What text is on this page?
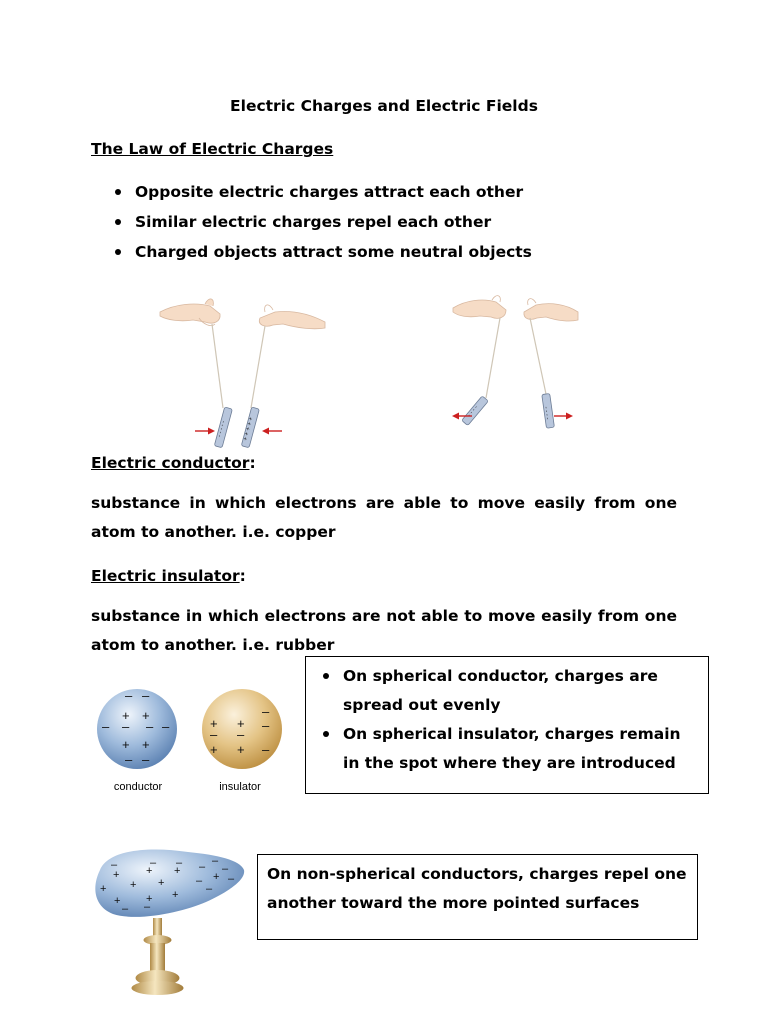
Electric Charges and Electric Fields

The Law of Electric Charges

Opposite electric charges attract each other
Similar electric charges repel each other
Charged objects attract some neutral objects
- - - - -	+ + + + +
- - - -	- - - -

Electric conductor:

substance in which electrons are able to move easily from one atom to another. i.e. copper

Electric insulator:

substance in which electrons are not able to move easily from one atom to another. i.e. rubber

– –
+ +
– – – –
+ +
– –
–
+ + –
– –
+ + –
conductor	insulator
On spherical conductor, charges are spread out evenly
On spherical insulator, charges remain in the spot where they are introduced
–	– – – –
–
–
+ + +	+
+ + +	–
–
+ + +
– –

On non-spherical conductors, charges repel one another toward the more pointed surfaces
